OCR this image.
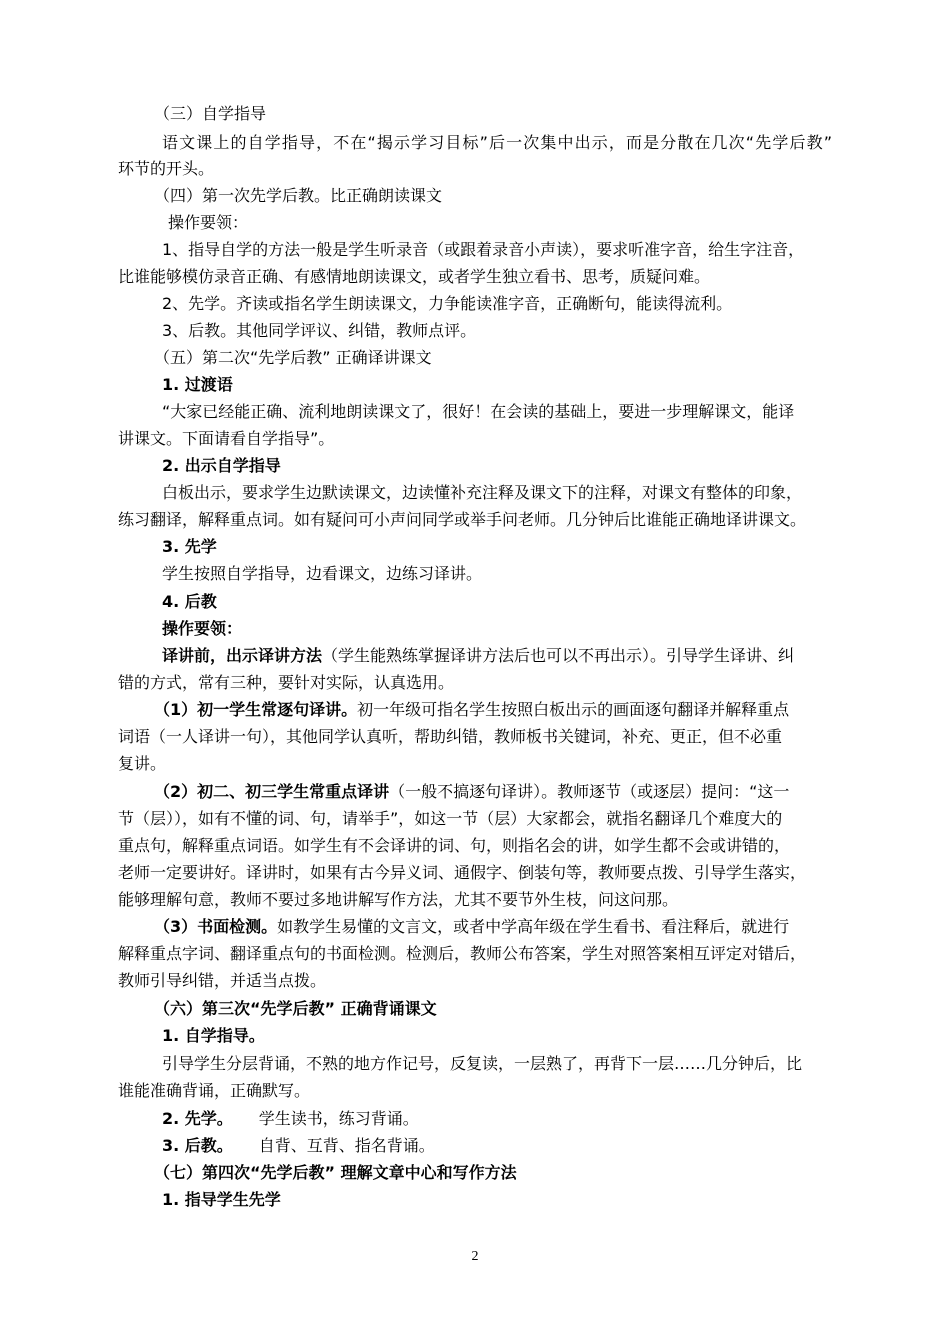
（三）自学指导

语文课上的自学指导，不在“揭示学习目标”后一次集中出示，而是分散在几次“先学后教”

环节的开头。

（四）第一次先学后教。比正确朗读课文

操作要领：

1、指导自学的方法一般是学生听录音（或跟着录音小声读），要求听准字音，给生字注音，

比谁能够模仿录音正确、有感情地朗读课文，或者学生独立看书、思考，质疑问难。

2、先学。齐读或指名学生朗读课文，力争能读准字音，正确断句，能读得流利。

3、后教。其他同学评议、纠错，教师点评。

（五）第二次“先学后教” 正确译讲课文

1. 过渡语

“大家已经能正确、流利地朗读课文了，很好！在会读的基础上，要进一步理解课文，能译

讲课文。下面请看自学指导”。

2. 出示自学指导

白板出示，要求学生边默读课文，边读懂补充注释及课文下的注释，对课文有整体的印象，

练习翻译，解释重点词。如有疑问可小声问同学或举手问老师。几分钟后比谁能正确地译讲课文。

3. 先学

学生按照自学指导，边看课文，边练习译讲。

4. 后教

操作要领：

译讲前，出示译讲方法（学生能熟练掌握译讲方法后也可以不再出示）。引导学生译讲、纠

错的方式，常有三种，要针对实际，认真选用。

（1）初一学生常逐句译讲。初一年级可指名学生按照白板出示的画面逐句翻译并解释重点

词语（一人译讲一句），其他同学认真听，帮助纠错，教师板书关键词，补充、更正，但不必重

复讲。

（2）初二、初三学生常重点译讲（一般不搞逐句译讲）。教师逐节（或逐层）提问：“这一

节（层）），如有不懂的词、句，请举手”，如这一节（层）大家都会，就指名翻译几个难度大的

重点句，解释重点词语。如学生有不会译讲的词、句，则指名会的讲，如学生都不会或讲错的，

老师一定要讲好。译讲时，如果有古今异义词、通假字、倒装句等，教师要点拨、引导学生落实，

能够理解句意，教师不要过多地讲解写作方法，尤其不要节外生枝，问这问那。

（3）书面检测。如教学生易懂的文言文，或者中学高年级在学生看书、看注释后，就进行

解释重点字词、翻译重点句的书面检测。检测后，教师公布答案，学生对照答案相互评定对错后，

教师引导纠错，并适当点拨。

（六）第三次“先学后教” 正确背诵课文

1. 自学指导。

引导学生分层背诵，不熟的地方作记号，反复读，一层熟了，再背下一层……几分钟后，比

谁能准确背诵，正确默写。

2. 先学。 学生读书，练习背诵。

3. 后教。 自背、互背、指名背诵。

（七）第四次“先学后教” 理解文章中心和写作方法

1. 指导学生先学

2
